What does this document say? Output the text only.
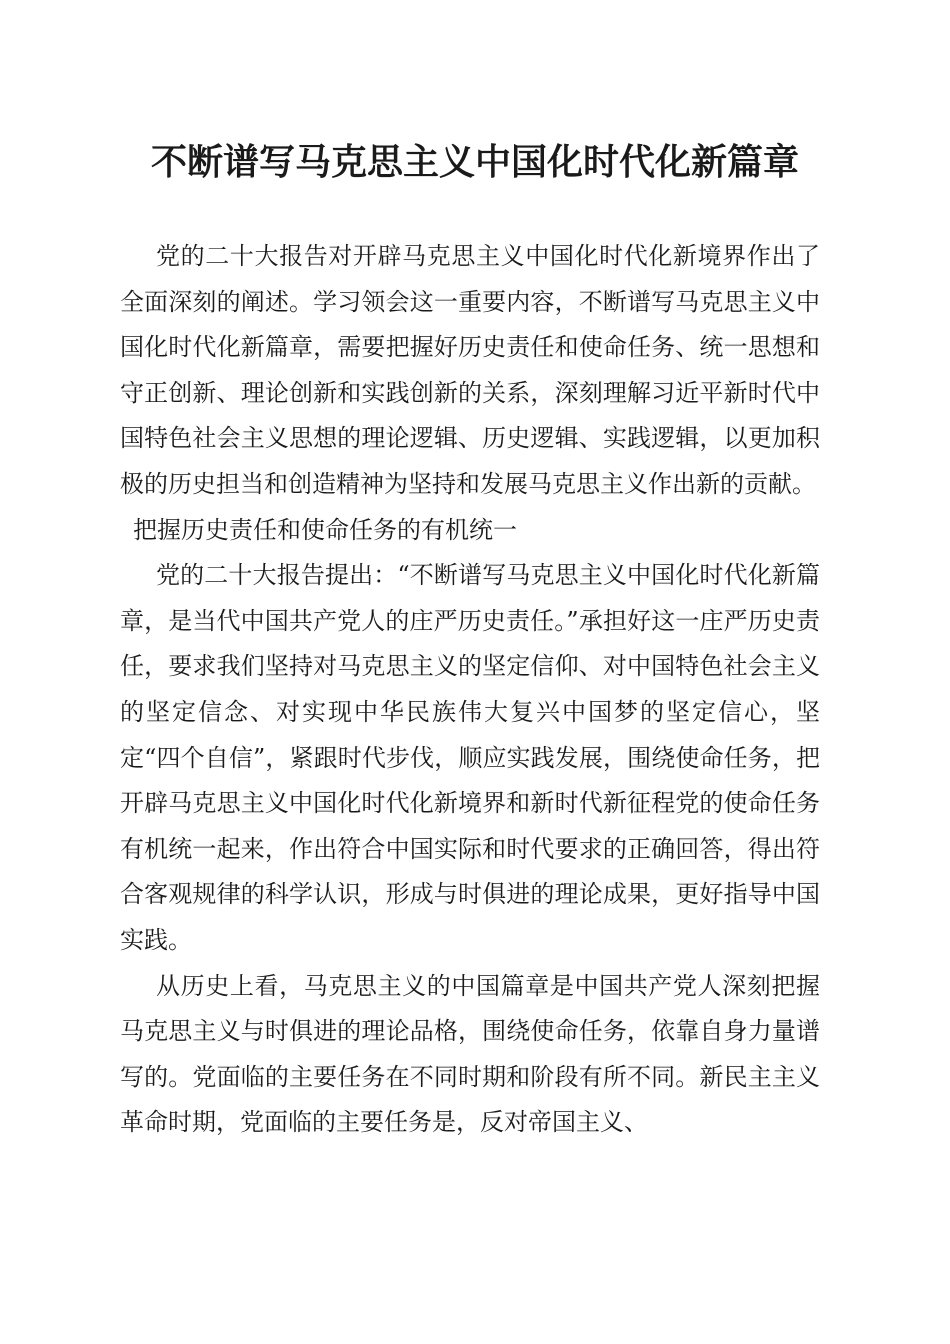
不断谱写马克思主义中国化时代化新篇章

党的二十大报告对开辟马克思主义中国化时代化新境界作出了全面深刻的阐述。学习领会这一重要内容，不断谱写马克思主义中国化时代化新篇章，需要把握好历史责任和使命任务、统一思想和守正创新、理论创新和实践创新的关系，深刻理解习近平新时代中国特色社会主义思想的理论逻辑、历史逻辑、实践逻辑，以更加积极的历史担当和创造精神为坚持和发展马克思主义作出新的贡献。

把握历史责任和使命任务的有机统一

党的二十大报告提出：“不断谱写马克思主义中国化时代化新篇章，是当代中国共产党人的庄严历史责任。”承担好这一庄严历史责任，要求我们坚持对马克思主义的坚定信仰、对中国特色社会主义的坚定信念、对实现中华民族伟大复兴中国梦的坚定信心，坚定“四个自信”，紧跟时代步伐，顺应实践发展，围绕使命任务，把开辟马克思主义中国化时代化新境界和新时代新征程党的使命任务有机统一起来，作出符合中国实际和时代要求的正确回答，得出符合客观规律的科学认识，形成与时俱进的理论成果，更好指导中国实践。

从历史上看，马克思主义的中国篇章是中国共产党人深刻把握马克思主义与时俱进的理论品格，围绕使命任务，依靠自身力量谱写的。党面临的主要任务在不同时期和阶段有所不同。新民主主义革命时期，党面临的主要任务是，反对帝国主义、
